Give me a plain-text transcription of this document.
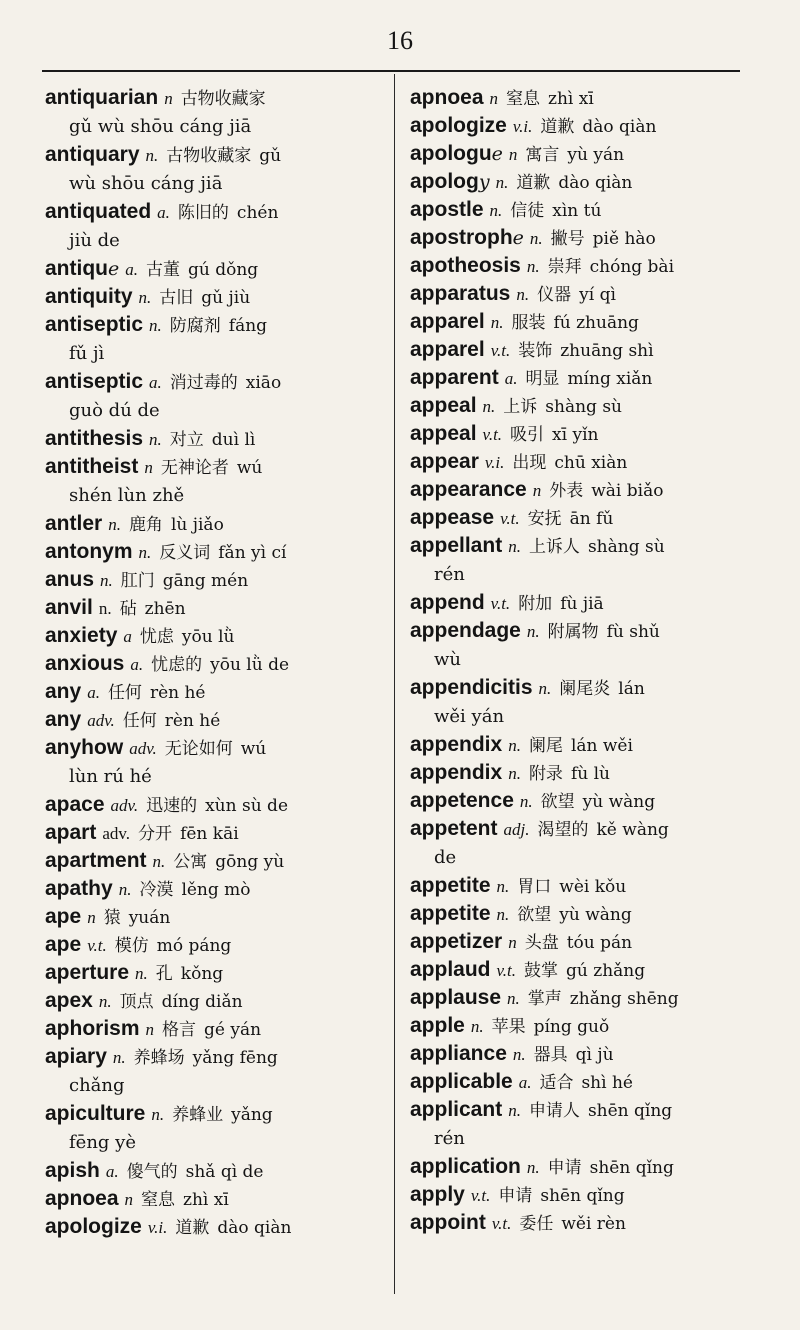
16
antiquarian n 古物收藏家
gǔ wù shōu cáng jiā
antiquary n. 古物收藏家 gǔ
wù shōu cáng jiā
antiquated a. 陈旧的 chén
jiù de
antique a. 古董 gú dǒng
antiquity n. 古旧 gǔ jiù
antiseptic n. 防腐剂 fáng
fǔ jì
antiseptic a. 消过毒的 xiāo
guò dú de
antithesis n. 对立 duì lì
antitheist n 无神论者 wú
shén lùn zhě
antler n. 鹿角 lù jiǎo
antonym n. 反义词 fǎn yì cí
anus n. 肛门 gāng mén
anvil n. 砧 zhēn
anxiety a 忧虑 yōu lǜ
anxious a. 忧虑的 yōu lǜ de
any a. 任何 rèn hé
any adv. 任何 rèn hé
anyhow adv. 无论如何 wú
lùn rú hé
apace adv. 迅速的 xùn sù de
apart adv. 分开 fēn kāi
apartment n. 公寓 gōng yù
apathy n. 冷漠 lěng mò
ape n 猿 yuán
ape v.t. 模仿 mó páng
aperture n. 孔 kǒng
apex n. 顶点 díng diǎn
aphorism n 格言 gé yán
apiary n. 养蜂场 yǎng fēng
chǎng
apiculture n. 养蜂业 yǎng
fēng yè
apish a. 傻气的 shǎ qì de
apnoea n 窒息 zhì xī
apologize v.i. 道歉 dào qiàn
apnoea n 窒息 zhì xī
apologize v.i. 道歉 dào qiàn
apologue n 寓言 yù yán
apology n. 道歉 dào qiàn
apostle n. 信徒 xìn tú
apostrophe n. 撇号 piě hào
apotheosis n. 崇拜 chóng bài
apparatus n. 仪器 yí qì
apparel n. 服装 fú zhuāng
apparel v.t. 装饰 zhuāng shì
apparent a. 明显 míng xiǎn
appeal n. 上诉 shàng sù
appeal v.t. 吸引 xī yǐn
appear v.i. 出现 chū xiàn
appearance n 外表 wài biǎo
appease v.t. 安抚 ān fǔ
appellant n. 上诉人 shàng sù
rén
append v.t. 附加 fù jiā
appendage n. 附属物 fù shǔ
wù
appendicitis n. 阑尾炎 lán
wěi yán
appendix n. 阑尾 lán wěi
appendix n. 附录 fù lù
appetence n. 欲望 yù wàng
appetent adj. 渴望的 kě wàng
de
appetite n. 胃口 wèi kǒu
appetite n. 欲望 yù wàng
appetizer n 头盘 tóu pán
applaud v.t. 鼓掌 gú zhǎng
applause n. 掌声 zhǎng shēng
apple n. 苹果 píng guǒ
appliance n. 器具 qì jù
applicable a. 适合 shì hé
applicant n. 申请人 shēn qǐng
rén
application n. 申请 shēn qǐng
apply v.t. 申请 shēn qǐng
appoint v.t. 委任 wěi rèn
